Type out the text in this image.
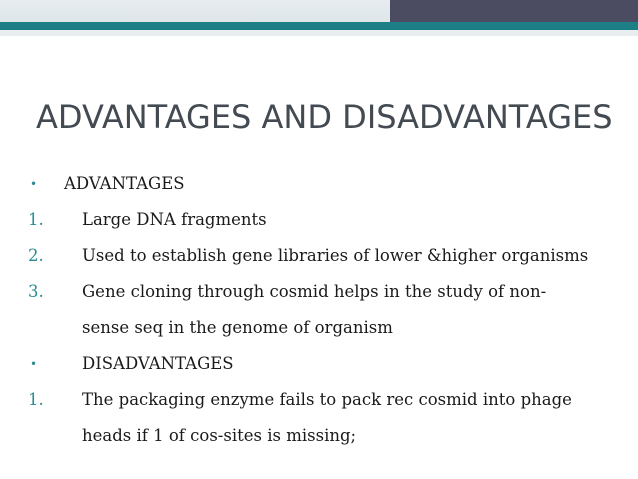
ADVANTAGES AND DISADVANTAGES
• ADVANTAGES
1. Large DNA fragments
2. Used to establish gene libraries of lower &higher organisms
3. Gene cloning through cosmid helps in the study of non-
sense seq in the genome of organism
•	DISADVANTAGES
1. The packaging enzyme fails to pack rec cosmid into phage
heads if 1 of cos-sites is missing;
